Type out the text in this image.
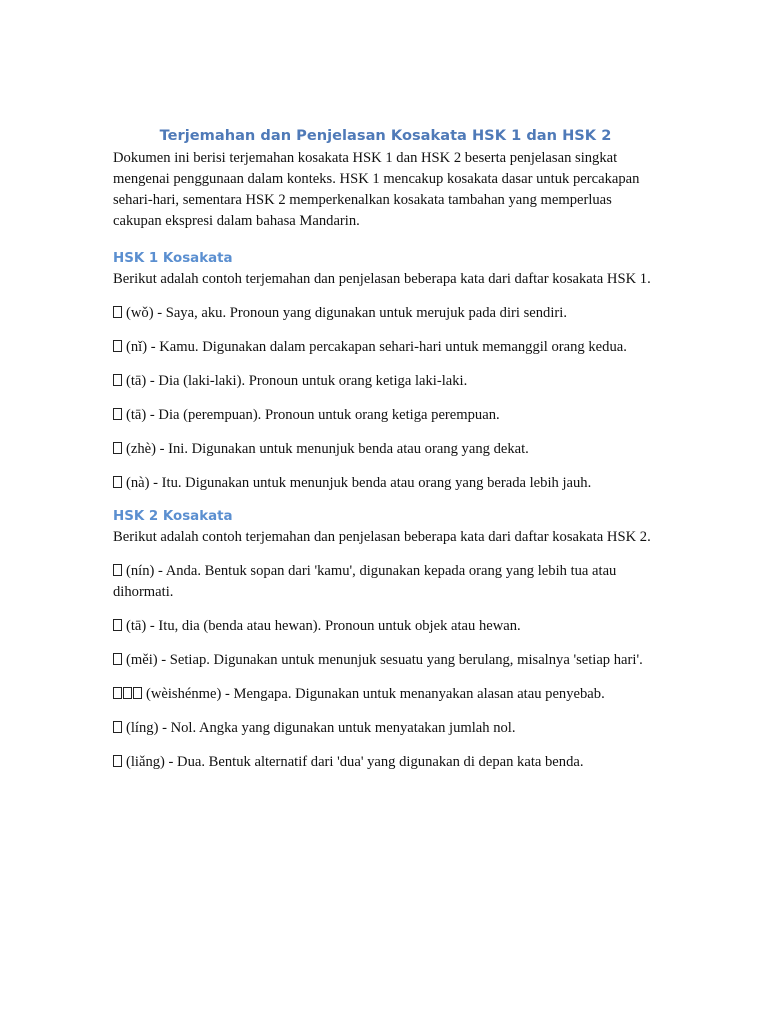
Terjemahan dan Penjelasan Kosakata HSK 1 dan HSK 2

Dokumen ini berisi terjemahan kosakata HSK 1 dan HSK 2 beserta penjelasan singkat mengenai penggunaan dalam konteks. HSK 1 mencakup kosakata dasar untuk percakapan sehari-hari, sementara HSK 2 memperkenalkan kosakata tambahan yang memperluas cakupan ekspresi dalam bahasa Mandarin.

HSK 1 Kosakata

Berikut adalah contoh terjemahan dan penjelasan beberapa kata dari daftar kosakata HSK 1.

(wǒ) - Saya, aku. Pronoun yang digunakan untuk merujuk pada diri sendiri.

(nǐ) - Kamu. Digunakan dalam percakapan sehari-hari untuk memanggil orang kedua.

(tā) - Dia (laki-laki). Pronoun untuk orang ketiga laki-laki.

(tā) - Dia (perempuan). Pronoun untuk orang ketiga perempuan.

(zhè) - Ini. Digunakan untuk menunjuk benda atau orang yang dekat.

(nà) - Itu. Digunakan untuk menunjuk benda atau orang yang berada lebih jauh.

HSK 2 Kosakata

Berikut adalah contoh terjemahan dan penjelasan beberapa kata dari daftar kosakata HSK 2.

(nín) - Anda. Bentuk sopan dari 'kamu', digunakan kepada orang yang lebih tua atau dihormati.

(tā) - Itu, dia (benda atau hewan). Pronoun untuk objek atau hewan.

(měi) - Setiap. Digunakan untuk menunjuk sesuatu yang berulang, misalnya 'setiap hari'.

(wèishénme) - Mengapa. Digunakan untuk menanyakan alasan atau penyebab.

(líng) - Nol. Angka yang digunakan untuk menyatakan jumlah nol.

(liǎng) - Dua. Bentuk alternatif dari 'dua' yang digunakan di depan kata benda.
